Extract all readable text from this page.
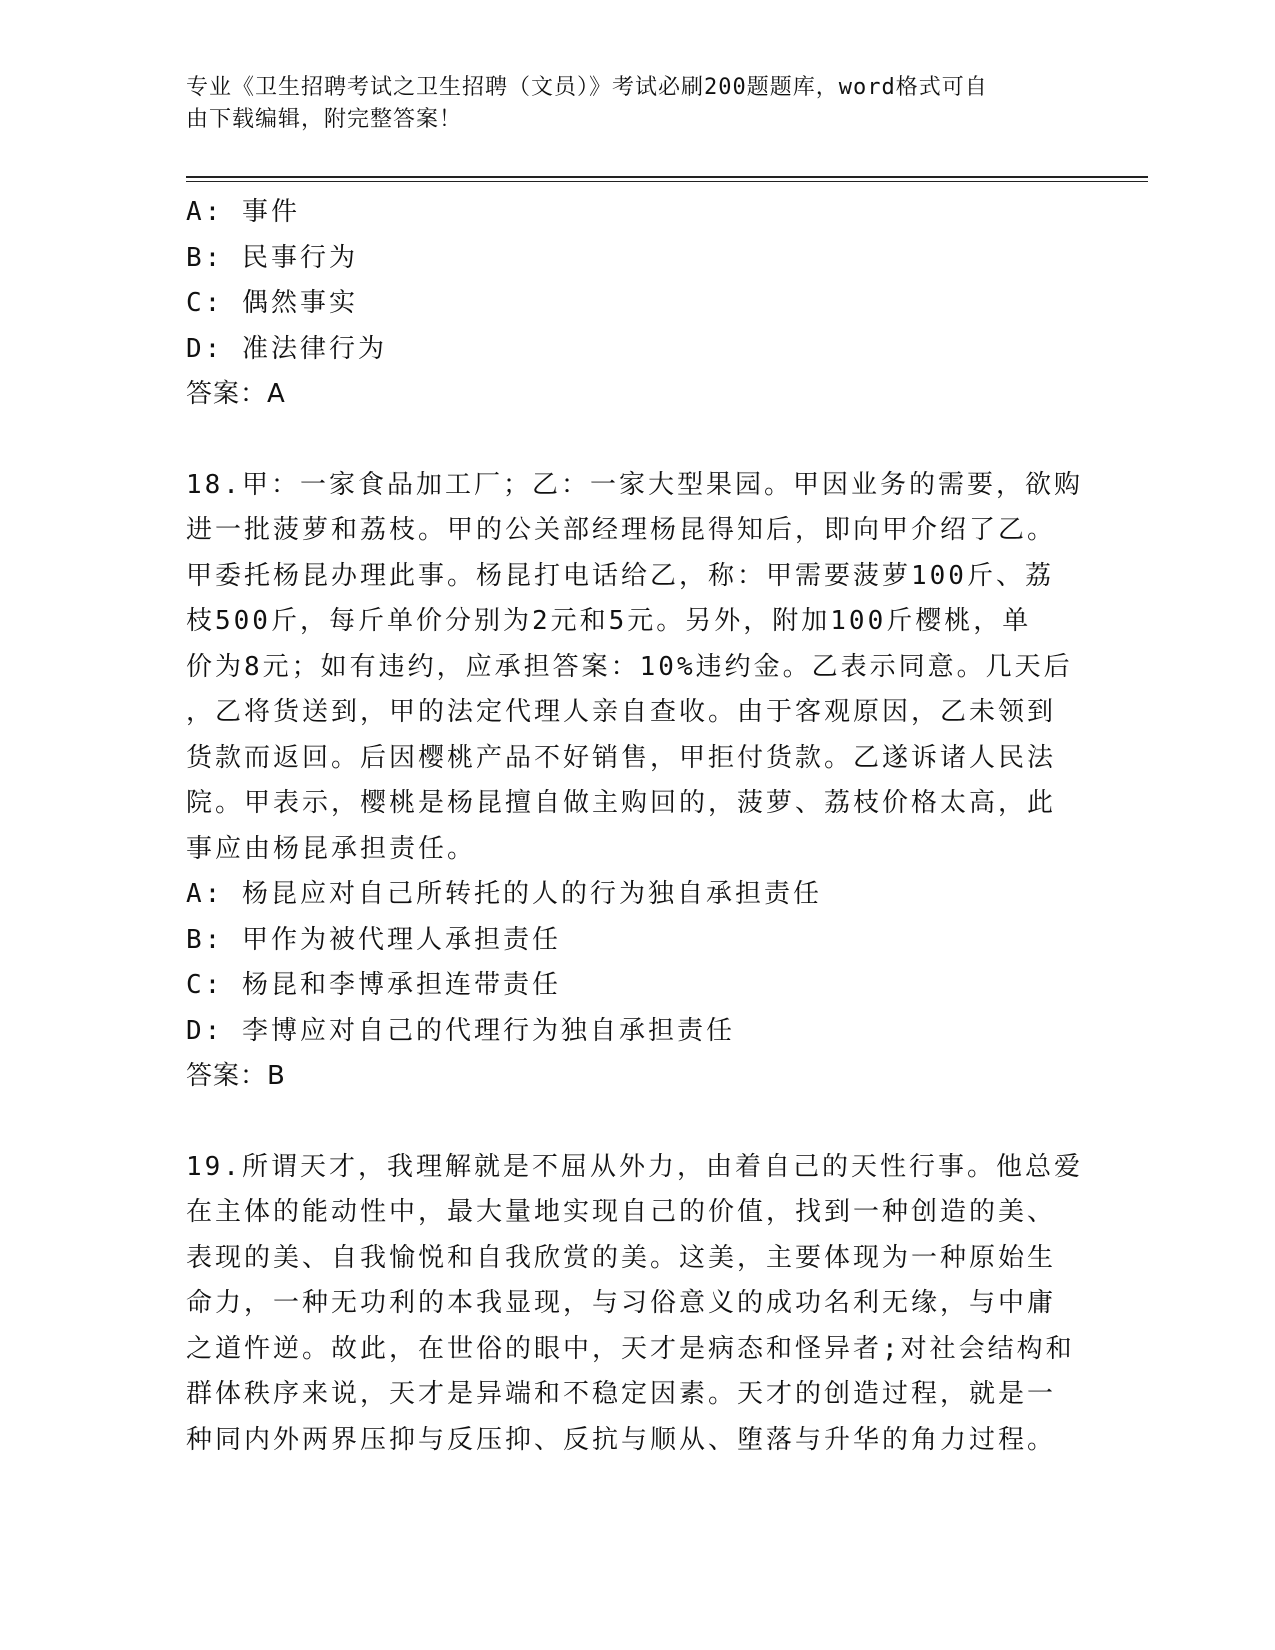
专业《卫生招聘考试之卫生招聘（文员）》考试必刷200题题库，word格式可自
由下载编辑，附完整答案！
A: 事件
B: 民事行为
C: 偶然事实
D: 准法律行为
答案：A
18.甲：一家食品加工厂；乙：一家大型果园。甲因业务的需要，欲购
进一批菠萝和荔枝。甲的公关部经理杨昆得知后，即向甲介绍了乙。
甲委托杨昆办理此事。杨昆打电话给乙，称：甲需要菠萝100斤、荔
枝500斤，每斤单价分别为2元和5元。另外，附加100斤樱桃，单
价为8元；如有违约，应承担答案：10%违约金。乙表示同意。几天后
，乙将货送到，甲的法定代理人亲自查收。由于客观原因，乙未领到
货款而返回。后因樱桃产品不好销售，甲拒付货款。乙遂诉诸人民法
院。甲表示，樱桃是杨昆擅自做主购回的，菠萝、荔枝价格太高，此
事应由杨昆承担责任。
A: 杨昆应对自己所转托的人的行为独自承担责任
B: 甲作为被代理人承担责任
C: 杨昆和李博承担连带责任
D: 李博应对自己的代理行为独自承担责任
答案：B
19.所谓天才，我理解就是不屈从外力，由着自己的天性行事。他总爱
在主体的能动性中，最大量地实现自己的价值，找到一种创造的美、
表现的美、自我愉悦和自我欣赏的美。这美，主要体现为一种原始生
命力，一种无功利的本我显现，与习俗意义的成功名利无缘，与中庸
之道忤逆。故此，在世俗的眼中，天才是病态和怪异者;对社会结构和
群体秩序来说，天才是异端和不稳定因素。天才的创造过程，就是一
种同内外两界压抑与反压抑、反抗与顺从、堕落与升华的角力过程。
